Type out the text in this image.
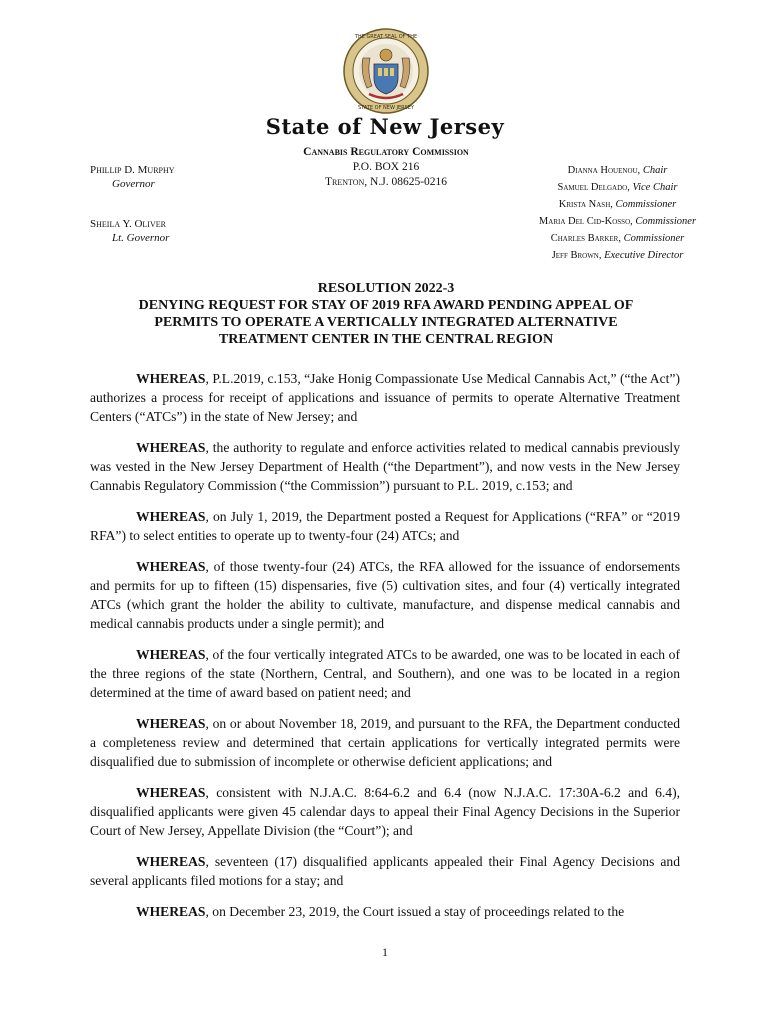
THE GREAT SEAL OF THE
STATE OF NEW JERSEY
State of New Jersey
Phillip D. Murphy
Governor
Sheila Y. Oliver
Lt. Governor
Cannabis Regulatory Commission
P.O. BOX 216
Trenton, N.J. 08625-0216
Dianna Houenou, Chair
Samuel Delgado, Vice Chair
Krista Nash, Commissioner
Maria Del Cid-Kosso, Commissioner
Charles Barker, Commissioner
Jeff Brown, Executive Director
RESOLUTION 2022-3
DENYING REQUEST FOR STAY OF 2019 RFA AWARD PENDING APPEAL OF
PERMITS TO OPERATE A VERTICALLY INTEGRATED ALTERNATIVE
TREATMENT CENTER IN THE CENTRAL REGION

WHEREAS, P.L.2019, c.153, “Jake Honig Compassionate Use Medical Cannabis Act,” (“the Act”) authorizes a process for receipt of applications and issuance of permits to operate Alternative Treatment Centers (“ATCs”) in the state of New Jersey; and

WHEREAS, the authority to regulate and enforce activities related to medical cannabis previously was vested in the New Jersey Department of Health (“the Department”), and now vests in the New Jersey Cannabis Regulatory Commission (“the Commission”) pursuant to P.L. 2019, c.153; and

WHEREAS, on July 1, 2019, the Department posted a Request for Applications (“RFA” or “2019 RFA”) to select entities to operate up to twenty-four (24) ATCs; and

WHEREAS, of those twenty-four (24) ATCs, the RFA allowed for the issuance of endorsements and permits for up to fifteen (15) dispensaries, five (5) cultivation sites, and four (4) vertically integrated ATCs (which grant the holder the ability to cultivate, manufacture, and dispense medical cannabis and medical cannabis products under a single permit); and

WHEREAS, of the four vertically integrated ATCs to be awarded, one was to be located in each of the three regions of the state (Northern, Central, and Southern), and one was to be located in a region determined at the time of award based on patient need; and

WHEREAS, on or about November 18, 2019, and pursuant to the RFA, the Department conducted a completeness review and determined that certain applications for vertically integrated permits were disqualified due to submission of incomplete or otherwise deficient applications; and

WHEREAS, consistent with N.J.A.C. 8:64-6.2 and 6.4 (now N.J.A.C. 17:30A-6.2 and 6.4), disqualified applicants were given 45 calendar days to appeal their Final Agency Decisions in the Superior Court of New Jersey, Appellate Division (the “Court”); and

WHEREAS, seventeen (17) disqualified applicants appealed their Final Agency Decisions and several applicants filed motions for a stay; and

WHEREAS, on December 23, 2019, the Court issued a stay of proceedings related to the

1
